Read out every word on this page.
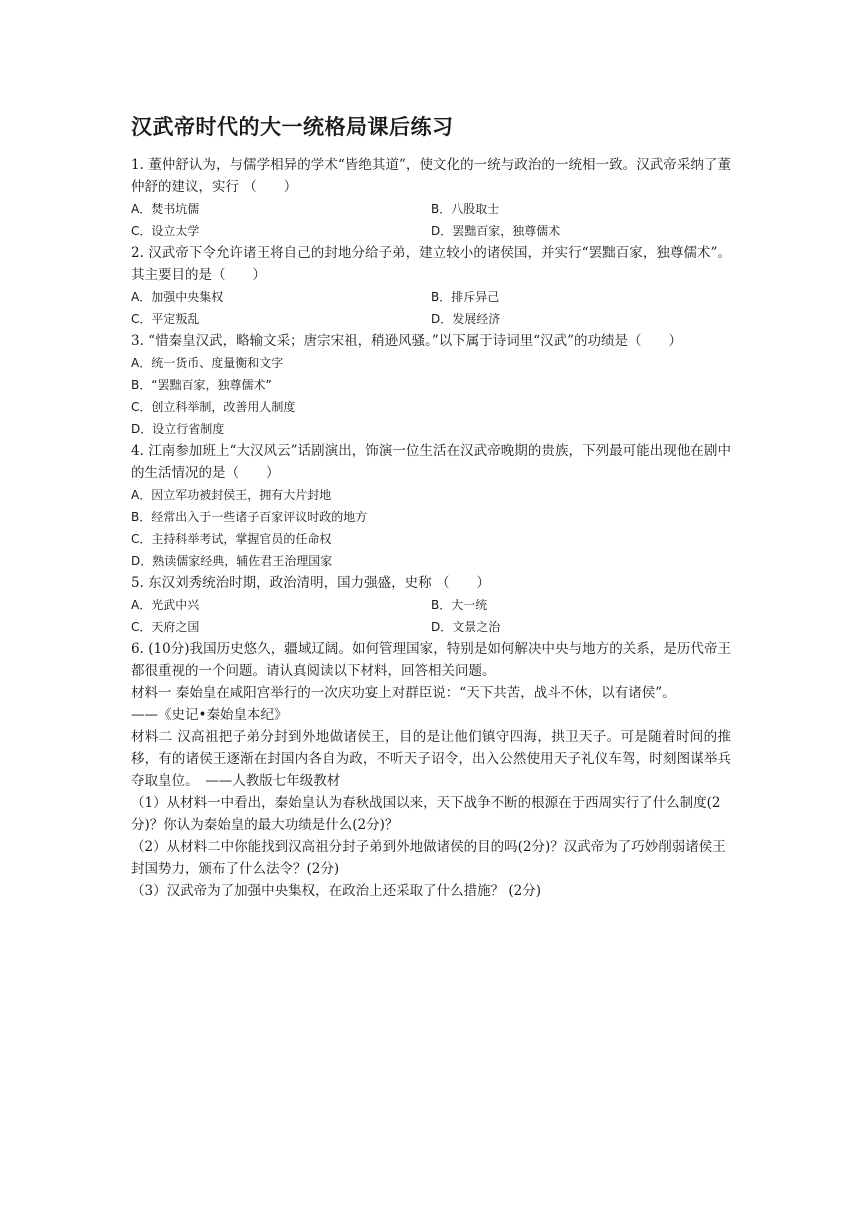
汉武帝时代的大一统格局课后练习

1. 董仲舒认为，与儒学相异的学术“皆绝其道”，使文化的一统与政治的一统相一致。汉武帝采纳了董仲舒的建议，实行 （　　）

A．焚书坑儒	B．八股取士

C．设立太学	D．罢黜百家，独尊儒术

2. 汉武帝下令允许诸王将自己的封地分给子弟，建立较小的诸侯国，并实行“罢黜百家，独尊儒术”。其主要目的是（　　）

A．加强中央集权	B．排斥异己

C．平定叛乱	D．发展经济

3. “惜秦皇汉武，略输文采；唐宗宋祖，稍逊风骚。”以下属于诗词里“汉武”的功绩是（　　）

A．统一货币、度量衡和文字

B．“罢黜百家，独尊儒术”

C．创立科举制，改善用人制度

D．设立行省制度

4. 江南参加班上“大汉风云”话剧演出，饰演一位生活在汉武帝晚期的贵族，下列最可能出现他在剧中的生活情况的是（　　）

A．因立军功被封侯王，拥有大片封地

B．经常出入于一些诸子百家评议时政的地方

C．主持科举考试，掌握官员的任命权

D．熟读儒家经典，辅佐君王治理国家

5. 东汉刘秀统治时期，政治清明，国力强盛，史称 （　　）

A．光武中兴	B．大一统

C．天府之国	D．文景之治

6. (10分)我国历史悠久，疆域辽阔。如何管理国家，特别是如何解决中央与地方的关系，是历代帝王都很重视的一个问题。请认真阅读以下材料，回答相关问题。

材料一 秦始皇在咸阳宫举行的一次庆功宴上对群臣说：“天下共苦，战斗不休，以有诸侯”。

——《史记•秦始皇本纪》

材料二 汉高祖把子弟分封到外地做诸侯王，目的是让他们镇守四海，拱卫天子。可是随着时间的推移，有的诸侯王逐渐在封国内各自为政，不听天子诏令，出入公然使用天子礼仪车驾，时刻图谋举兵夺取皇位。　——人教版七年级教材

（1）从材料一中看出，秦始皇认为春秋战国以来，天下战争不断的根源在于西周实行了什么制度(2分)？你认为秦始皇的最大功绩是什么(2分)？

（2）从材料二中你能找到汉高祖分封子弟到外地做诸侯的目的吗(2分)？汉武帝为了巧妙削弱诸侯王封国势力，颁布了什么法令？(2分)

（3）汉武帝为了加强中央集权，在政治上还采取了什么措施？ (2分)
